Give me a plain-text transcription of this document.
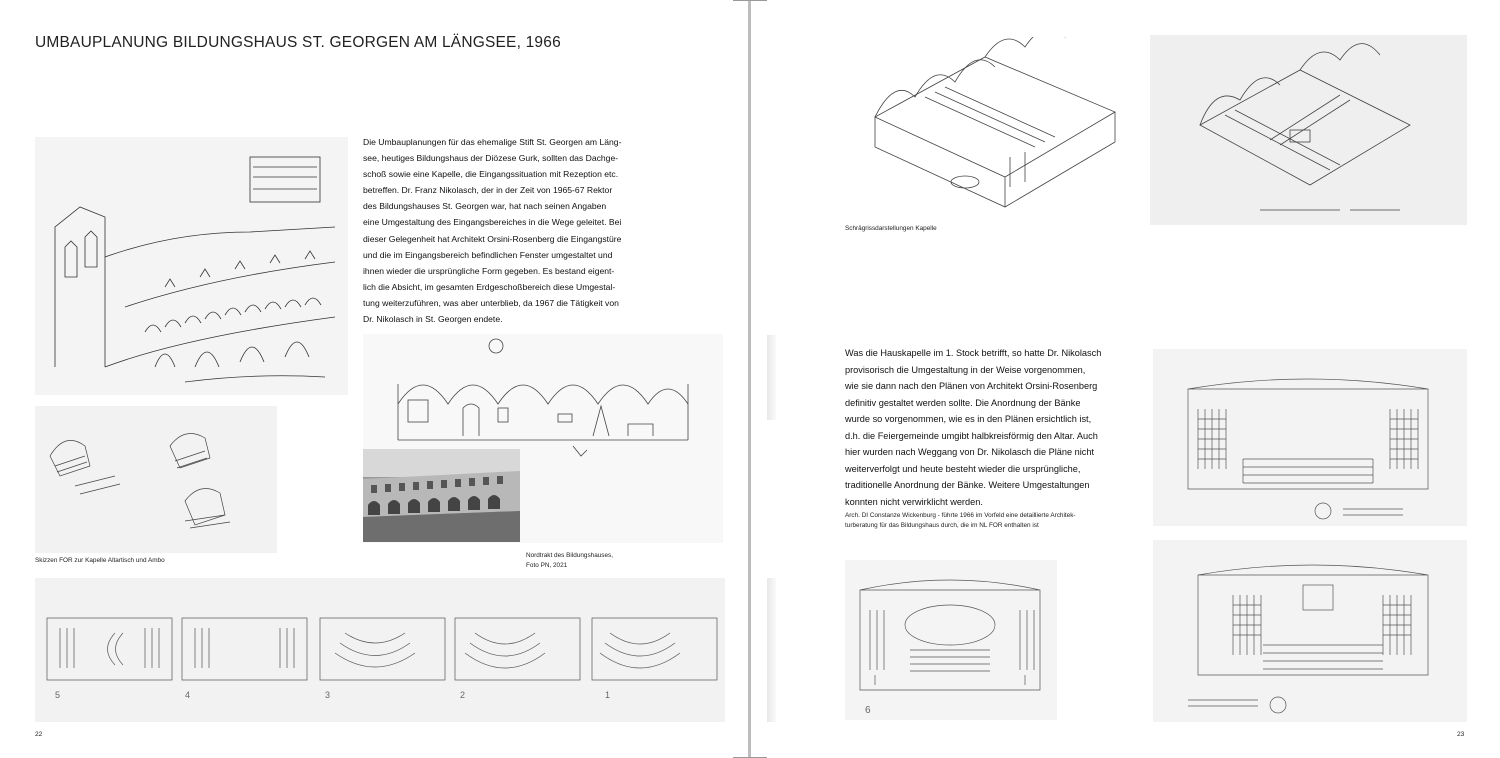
UMBAUPLANUNG BILDUNGSHAUS ST. GEORGEN AM LÄNGSEE, 1966
Die Umbauplanungen für das ehemalige Stift St. Georgen am Läng-
see, heutiges Bildungshaus der Diözese Gurk, sollten das Dachge-
schoß sowie eine Kapelle, die Eingangssituation mit Rezeption etc.
betreffen. Dr. Franz Nikolasch, der in der Zeit von 1965-67 Rektor
des Bildungshauses St. Georgen war, hat nach seinen Angaben
eine Umgestaltung des Eingangsbereiches in die Wege geleitet. Bei
dieser Gelegenheit hat Architekt Orsini-Rosenberg die Eingangstüre
und die im Eingangsbereich befindlichen Fenster umgestaltet und
ihnen wieder die ursprüngliche Form gegeben. Es bestand eigent-
lich die Absicht, im gesamten Erdgeschoßbereich diese Umgestal-
tung weiterzuführen, was aber unterblieb, da 1967 die Tätigkeit von
Dr. Nikolasch in St. Georgen endete.
Skizzen FOR zur Kapelle Altartisch und Ambo
Nordtrakt des Bildungshauses,
Foto PN, 2021
5	4	3	2	1
22
Schrägrissdarstellungen Kapelle
Was die Hauskapelle im 1. Stock betrifft, so hatte Dr. Nikolasch
provisorisch die Umgestaltung in der Weise vorgenommen,
wie sie dann nach den Plänen von Architekt Orsini-Rosenberg
definitiv gestaltet werden sollte. Die Anordnung der Bänke
wurde so vorgenommen, wie es in den Plänen ersichtlich ist,
d.h. die Feiergemeinde umgibt halbkreisförmig den Altar. Auch
hier wurden nach Weggang von Dr. Nikolasch die Pläne nicht
weiterverfolgt und heute besteht wieder die ursprüngliche,
traditionelle Anordnung der Bänke. Weitere Umgestaltungen
konnten nicht verwirklicht werden.
Arch. DI Constanze Wickenburg - führte 1966 im Vorfeld eine detaillierte Architek-
turberatung für das Bildungshaus durch, die im NL FOR enthalten ist
6
23
